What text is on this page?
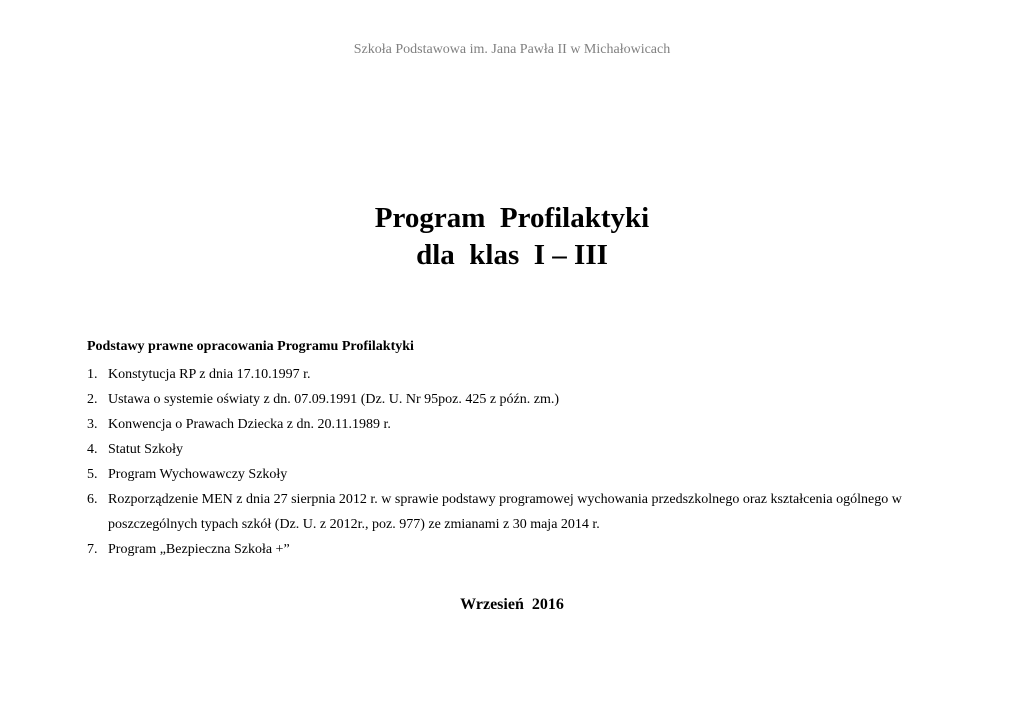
Szkoła Podstawowa im. Jana Pawła II w Michałowicach
Program  Profilaktyki
dla  klas  I – III
Podstawy prawne opracowania Programu Profilaktyki
1. Konstytucja RP z dnia 17.10.1997 r.
2. Ustawa o systemie oświaty z dn. 07.09.1991 (Dz. U. Nr 95poz. 425 z późn. zm.)
3. Konwencja o Prawach Dziecka z dn. 20.11.1989 r.
4. Statut Szkoły
5. Program Wychowawczy Szkoły
6. Rozporządzenie MEN z dnia 27 sierpnia 2012 r. w sprawie podstawy programowej wychowania przedszkolnego oraz kształcenia ogólnego w poszczególnych typach szkół (Dz. U. z 2012r., poz. 977) ze zmianami z 30 maja 2014 r.
7. Program „Bezpieczna Szkoła +”
Wrzesień  2016
